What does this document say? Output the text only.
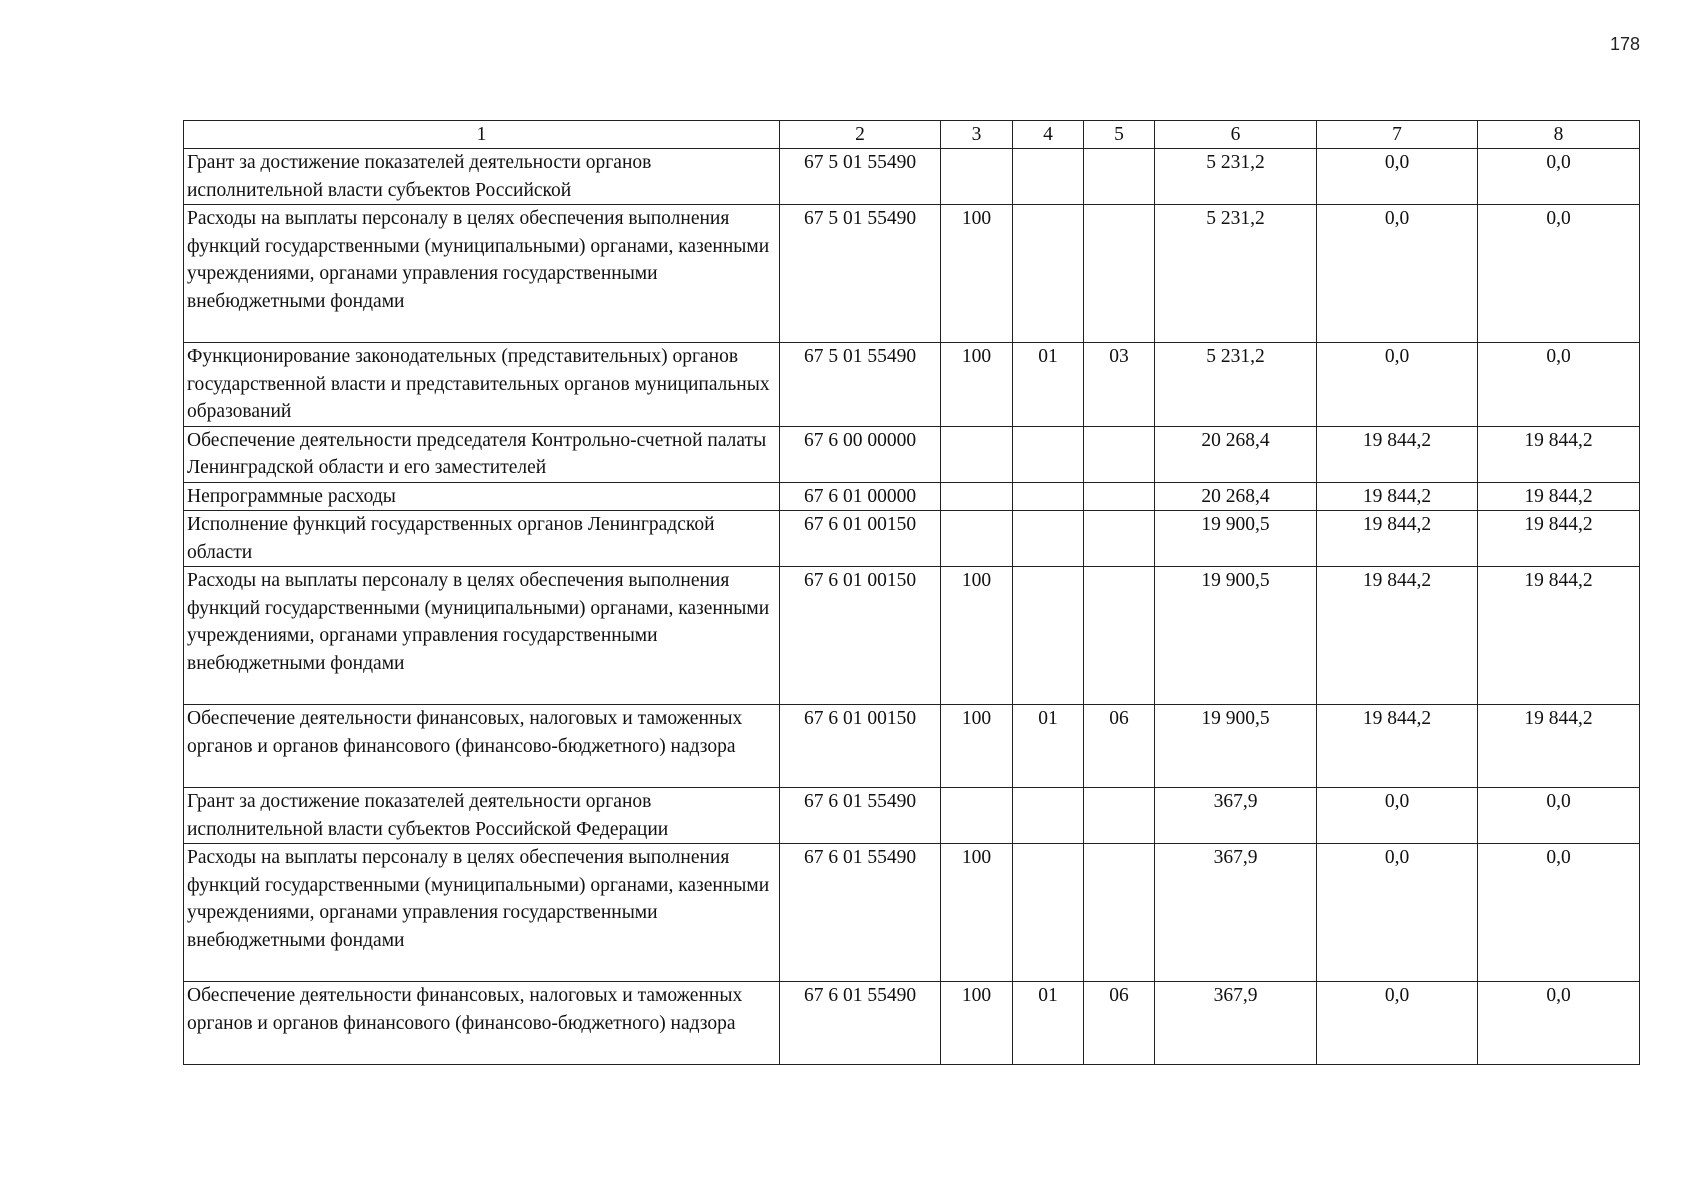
178
1	2	3	4	5	6	7	8
Грант за достижение показателей деятельности органов исполнительной власти субъектов Российской	67 5 01 55490				5 231,2	0,0	0,0
Расходы на выплаты персоналу в целях обеспечения выполнения функций государственными (муниципальными) органами, казенными учреждениями, органами управления государственными внебюджетными фондами	67 5 01 55490	100			5 231,2	0,0	0,0
Функционирование законодательных (представительных) органов государственной власти и представительных органов муниципальных образований	67 5 01 55490	100	01	03	5 231,2	0,0	0,0
Обеспечение деятельности председателя Контрольно-счетной палаты Ленинградской области и его заместителей	67 6 00 00000				20 268,4	19 844,2	19 844,2
Непрограммные расходы	67 6 01 00000				20 268,4	19 844,2	19 844,2
Исполнение функций государственных органов Ленинградской области	67 6 01 00150				19 900,5	19 844,2	19 844,2
Расходы на выплаты персоналу в целях обеспечения выполнения функций государственными (муниципальными) органами, казенными учреждениями, органами управления государственными внебюджетными фондами	67 6 01 00150	100			19 900,5	19 844,2	19 844,2
Обеспечение деятельности финансовых, налоговых и таможенных органов и органов финансового (финансово-бюджетного) надзора	67 6 01 00150	100	01	06	19 900,5	19 844,2	19 844,2
Грант за достижение показателей деятельности органов исполнительной власти субъектов Российской Федерации	67 6 01 55490				367,9	0,0	0,0
Расходы на выплаты персоналу в целях обеспечения выполнения функций государственными (муниципальными) органами, казенными учреждениями, органами управления государственными внебюджетными фондами	67 6 01 55490	100			367,9	0,0	0,0
Обеспечение деятельности финансовых, налоговых и таможенных органов и органов финансового (финансово-бюджетного) надзора	67 6 01 55490	100	01	06	367,9	0,0	0,0
